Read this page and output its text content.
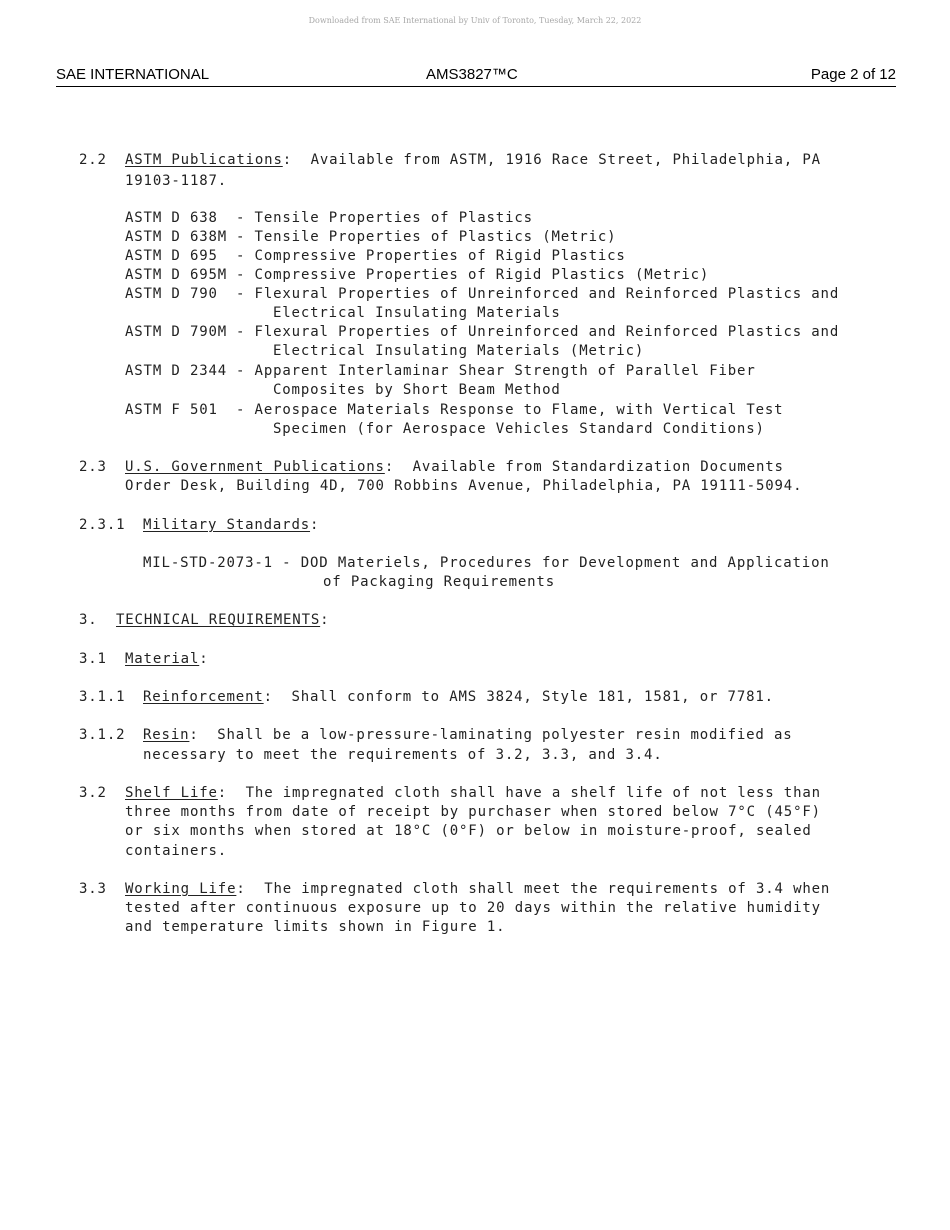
Downloaded from SAE International by Univ of Toronto, Tuesday, March 22, 2022
SAE INTERNATIONAL	AMS3827™C	Page 2 of 12
2.2 ASTM Publications:  Available from ASTM, 1916 Race Street, Philadelphia, PA
19103-1187.
ASTM D 638 - Tensile Properties of Plastics
ASTM D 638M - Tensile Properties of Plastics (Metric)
ASTM D 695 - Compressive Properties of Rigid Plastics
ASTM D 695M - Compressive Properties of Rigid Plastics (Metric)
ASTM D 790 - Flexural Properties of Unreinforced and Reinforced Plastics and
Electrical Insulating Materials
ASTM D 790M - Flexural Properties of Unreinforced and Reinforced Plastics and
Electrical Insulating Materials (Metric)
ASTM D 2344 - Apparent Interlaminar Shear Strength of Parallel Fiber
Composites by Short Beam Method
ASTM F 501 - Aerospace Materials Response to Flame, with Vertical Test
Specimen (for Aerospace Vehicles Standard Conditions)
2.3 U.S. Government Publications:  Available from Standardization Documents
Order Desk, Building 4D, 700 Robbins Avenue, Philadelphia, PA 19111-5094.
2.3.1 Military Standards:
MIL-STD-2073-1 - DOD Materiels, Procedures for Development and Application
of Packaging Requirements
3. TECHNICAL REQUIREMENTS:
3.1 Material:
3.1.1 Reinforcement:  Shall conform to AMS 3824, Style 181, 1581, or 7781.
3.1.2 Resin:  Shall be a low-pressure-laminating polyester resin modified as
necessary to meet the requirements of 3.2, 3.3, and 3.4.
3.2 Shelf Life:  The impregnated cloth shall have a shelf life of not less than
three months from date of receipt by purchaser when stored below 7°C (45°F)
or six months when stored at 18°C (0°F) or below in moisture-proof, sealed
containers.
3.3 Working Life:  The impregnated cloth shall meet the requirements of 3.4 when
tested after continuous exposure up to 20 days within the relative humidity
and temperature limits shown in Figure 1.
